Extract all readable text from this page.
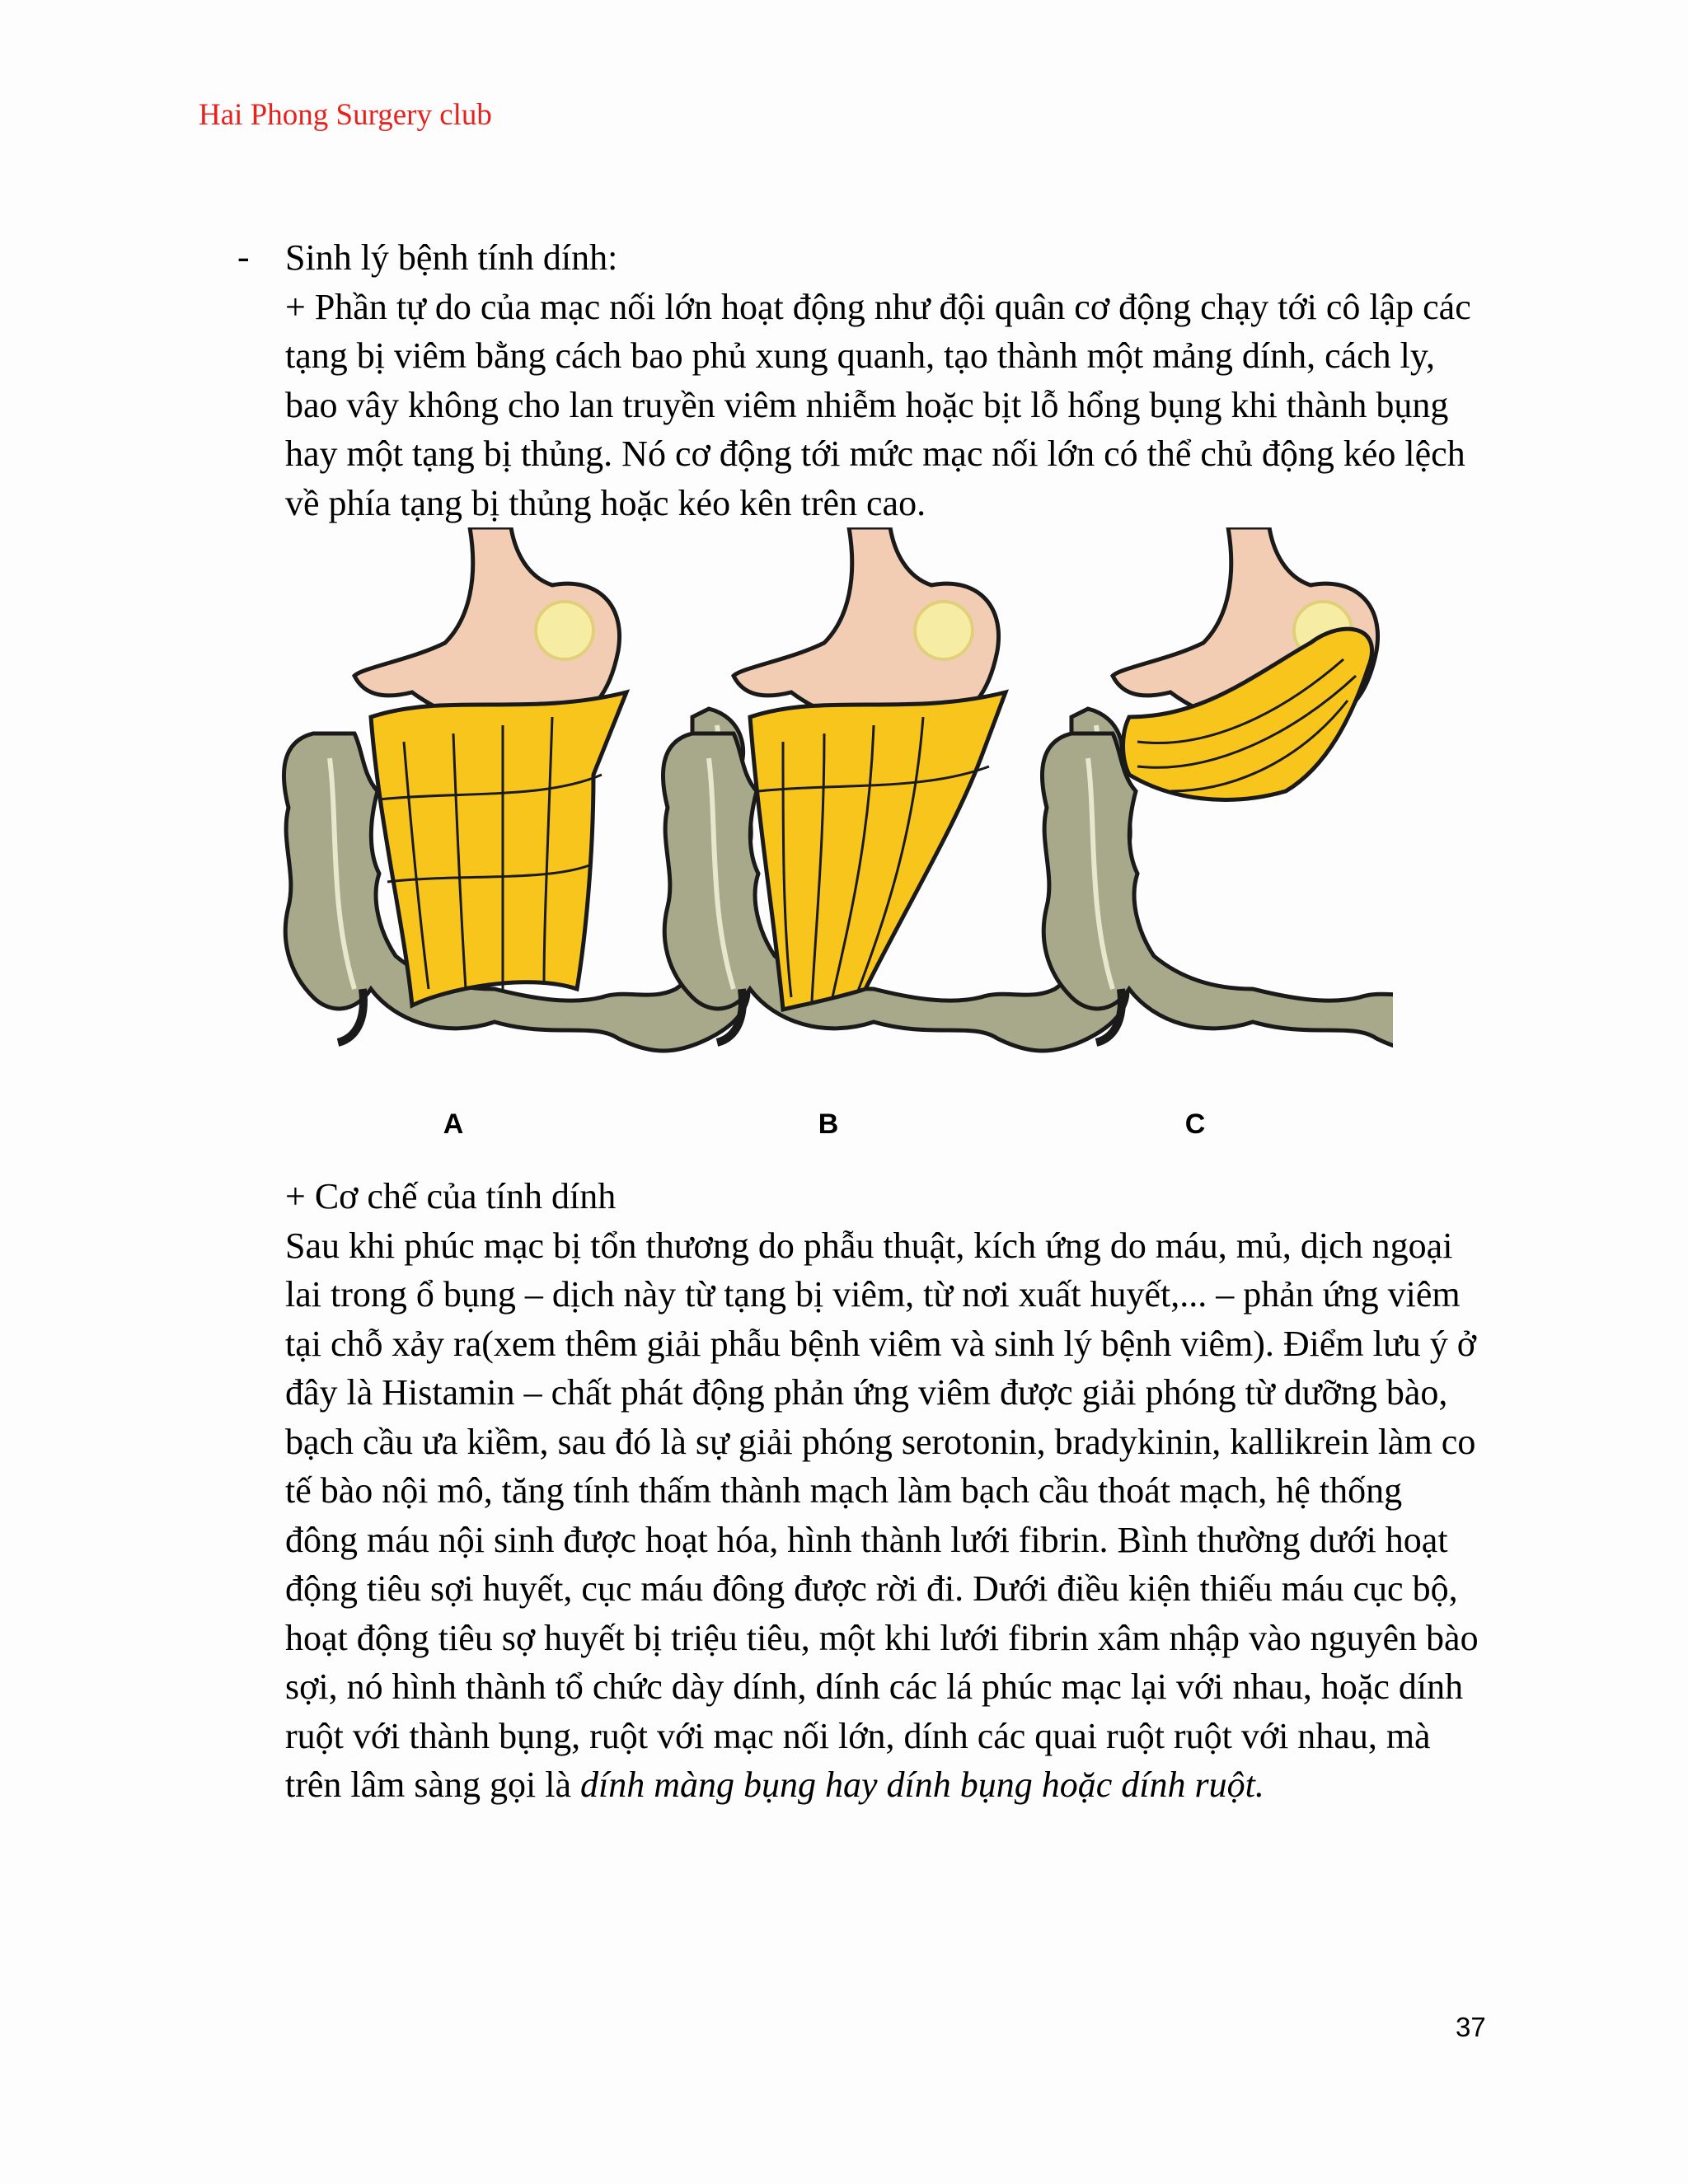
Hai Phong Surgery club
- Sinh lý bệnh tính dính:

+ Phần tự do của mạc nối lớn hoạt động như đội quân cơ động chạy tới cô lập các tạng bị viêm bằng cách bao phủ xung quanh, tạo thành một mảng dính, cách ly, bao vây không cho lan truyền viêm nhiễm hoặc bịt lỗ hổng bụng khi thành bụng hay một tạng bị thủng. Nó cơ động tới mức mạc nối lớn có thể chủ động kéo lệch về phía tạng bị thủng hoặc kéo kên trên cao.

A	B	C

+ Cơ chế của tính dính

Sau khi phúc mạc bị tổn thương do phẫu thuật, kích ứng do máu, mủ, dịch ngoại lai trong ổ bụng – dịch này từ tạng bị viêm, từ nơi xuất huyết,... – phản ứng viêm tại chỗ xảy ra(xem thêm giải phẫu bệnh viêm và sinh lý bệnh viêm). Điểm lưu ý ở đây là Histamin – chất phát động phản ứng viêm được giải phóng từ dưỡng bào, bạch cầu ưa kiềm, sau đó là sự giải phóng serotonin, bradykinin, kallikrein làm co tế bào nội mô, tăng tính thấm thành mạch làm bạch cầu thoát mạch, hệ thống đông máu nội sinh được hoạt hóa, hình thành lưới fibrin. Bình thường dưới hoạt động tiêu sợi huyết, cục máu đông được rời đi. Dưới điều kiện thiếu máu cục bộ, hoạt động tiêu sợ huyết bị triệu tiêu, một khi lưới fibrin xâm nhập vào nguyên bào sợi, nó hình thành tổ chức dày dính, dính các lá phúc mạc lại với nhau, hoặc dính ruột với thành bụng, ruột với mạc nối lớn, dính các quai ruột ruột với nhau, mà trên lâm sàng gọi là dính màng bụng hay dính bụng hoặc dính ruột.

37
